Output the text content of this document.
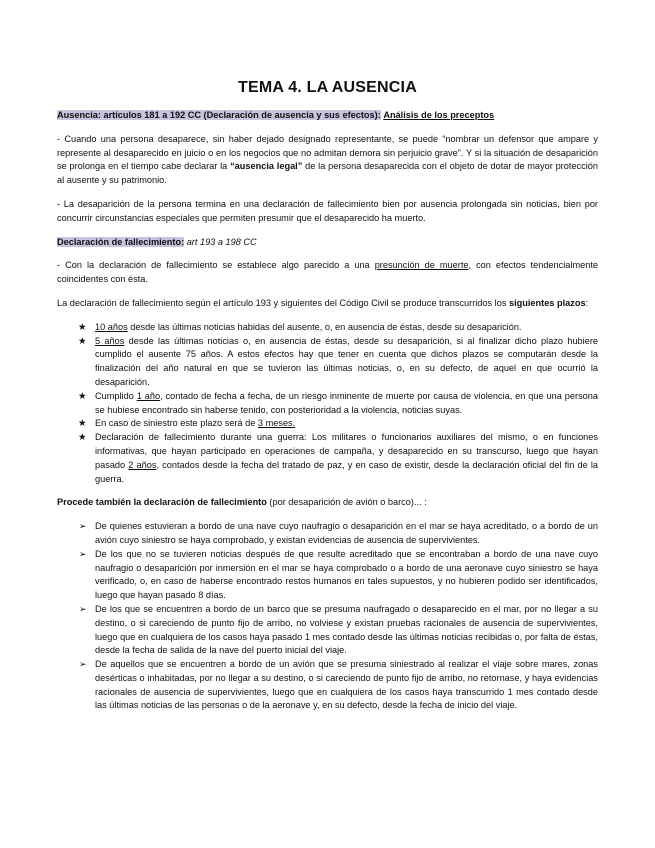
TEMA 4. LA AUSENCIA

Ausencia: artículos 181 a 192 CC (Declaración de ausencia y sus efectos): Análisis de los preceptos

- Cuando una persona desaparece, sin haber dejado designado representante, se puede “nombrar un defensor que ampare y represente al desaparecido en juicio o en los negocios que no admitan demora sin perjuicio grave”. Y si la situación de desaparición se prolonga en el tiempo cabe declarar la “ausencia legal” de la persona desaparecida con el objeto de dotar de mayor protección al ausente y su patrimonio.

- La desaparición de la persona termina en una declaración de fallecimiento bien por ausencia prolongada sin noticias, bien por concurrir circunstancias especiales que permiten presumir que el desaparecido ha muerto.

Declaración de fallecimiento: art 193 a 198 CC

- Con la declaración de fallecimiento se establece algo parecido a una presunción de muerte, con efectos tendencialmente coincidentes con ésta.

La declaración de fallecimiento según el artículo 193 y siguientes del Código Civil se produce transcurridos los siguientes plazos:

★ 10 años desde las últimas noticias habidas del ausente, o, en ausencia de éstas, desde su desaparición.
★ 5 años desde las últimas noticias o, en ausencia de éstas, desde su desaparición, si al finalizar dicho plazo hubiere cumplido el ausente 75 años. A estos efectos hay que tener en cuenta que dichos plazos se computarán desde la finalización del año natural en que se tuvieron las últimas noticias, o, en su defecto, de aquel en que ocurrió la desaparición.
★ Cumplido 1 año, contado de fecha a fecha, de un riesgo inminente de muerte por causa de violencia, en que una persona se hubiese encontrado sin haberse tenido, con posterioridad a la violencia, noticias suyas.
★ En caso de siniestro este plazo será de 3 meses.
★ Declaración de fallecimiento durante una guerra: Los militares o funcionarios auxiliares del mismo, o en funciones informativas, que hayan participado en operaciones de campaña, y desaparecido en su transcurso, luego que hayan pasado 2 años, contados desde la fecha del tratado de paz, y en caso de existir, desde la declaración oficial del fin de la guerra.

Procede también la declaración de fallecimiento (por desaparición de avión o barco)... :

➢ De quienes estuvieran a bordo de una nave cuyo naufragio o desaparición en el mar se haya acreditado, o a bordo de un avión cuyo siniestro se haya comprobado, y existan evidencias de ausencia de supervivientes.
➢ De los que no se tuvieren noticias después de que resulte acreditado que se encontraban a bordo de una nave cuyo naufragio o desaparición por inmersión en el mar se haya comprobado o a bordo de una aeronave cuyo siniestro se haya verificado, o, en caso de haberse encontrado restos humanos en tales supuestos, y no hubieren podido ser identificados, luego que hayan pasado 8 días.
➢ De los que se encuentren a bordo de un barco que se presuma naufragado o desaparecido en el mar, por no llegar a su destino, o si careciendo de punto fijo de arribo, no volviese y existan pruebas racionales de ausencia de supervivientes, luego que en cualquiera de los casos haya pasado 1 mes contado desde las últimas noticias recibidas o, por falta de éstas, desde la fecha de salida de la nave del puerto inicial del viaje.
➢ De aquellos que se encuentren a bordo de un avión que se presuma siniestrado al realizar el viaje sobre mares, zonas desérticas o inhabitadas, por no llegar a su destino, o si careciendo de punto fijo de arribo, no retornase, y haya evidencias racionales de ausencia de supervivientes, luego que en cualquiera de los casos haya transcurrido 1 mes contado desde las últimas noticias de las personas o de la aeronave y, en su defecto, desde la fecha de inicio del viaje.
